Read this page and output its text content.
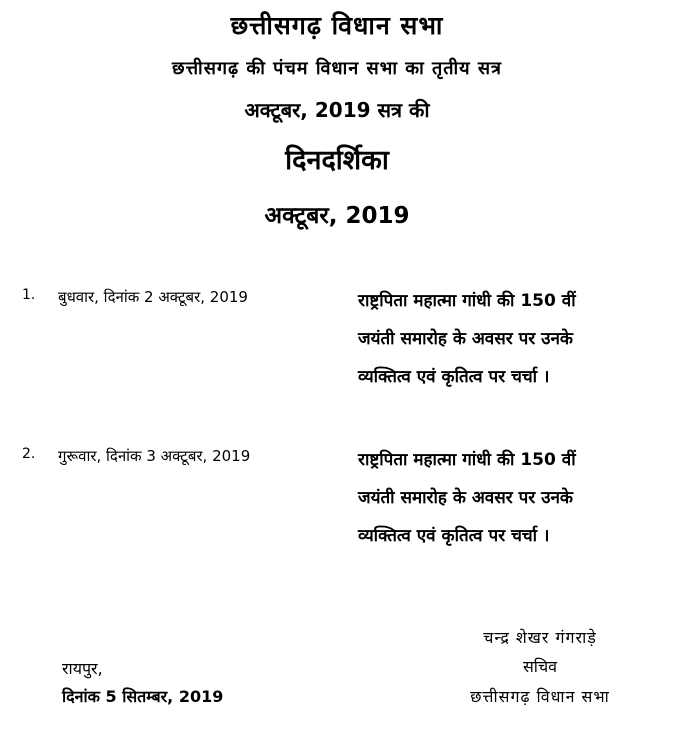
छत्तीसगढ़ विधान सभा
छत्तीसगढ़ की पंचम विधान सभा का तृतीय सत्र
अक्टूबर, 2019 सत्र की
दिनदर्शिका
अक्टूबर, 2019
1. बुधवार, दिनांक 2 अक्टूबर, 2019	राष्ट्रपिता महात्मा गांधी की 150 वीं
जयंती समारोह के अवसर पर उनके
व्यक्तित्व एवं कृतित्व पर चर्चा ।
2. गुरूवार, दिनांक 3 अक्टूबर, 2019	राष्ट्रपिता महात्मा गांधी की 150 वीं
जयंती समारोह के अवसर पर उनके
व्यक्तित्व एवं कृतित्व पर चर्चा ।
रायपुर,
दिनांक 5 सितम्बर, 2019
चन्द्र शेखर गंगराड़े
सचिव
छत्तीसगढ़ विधान सभा
